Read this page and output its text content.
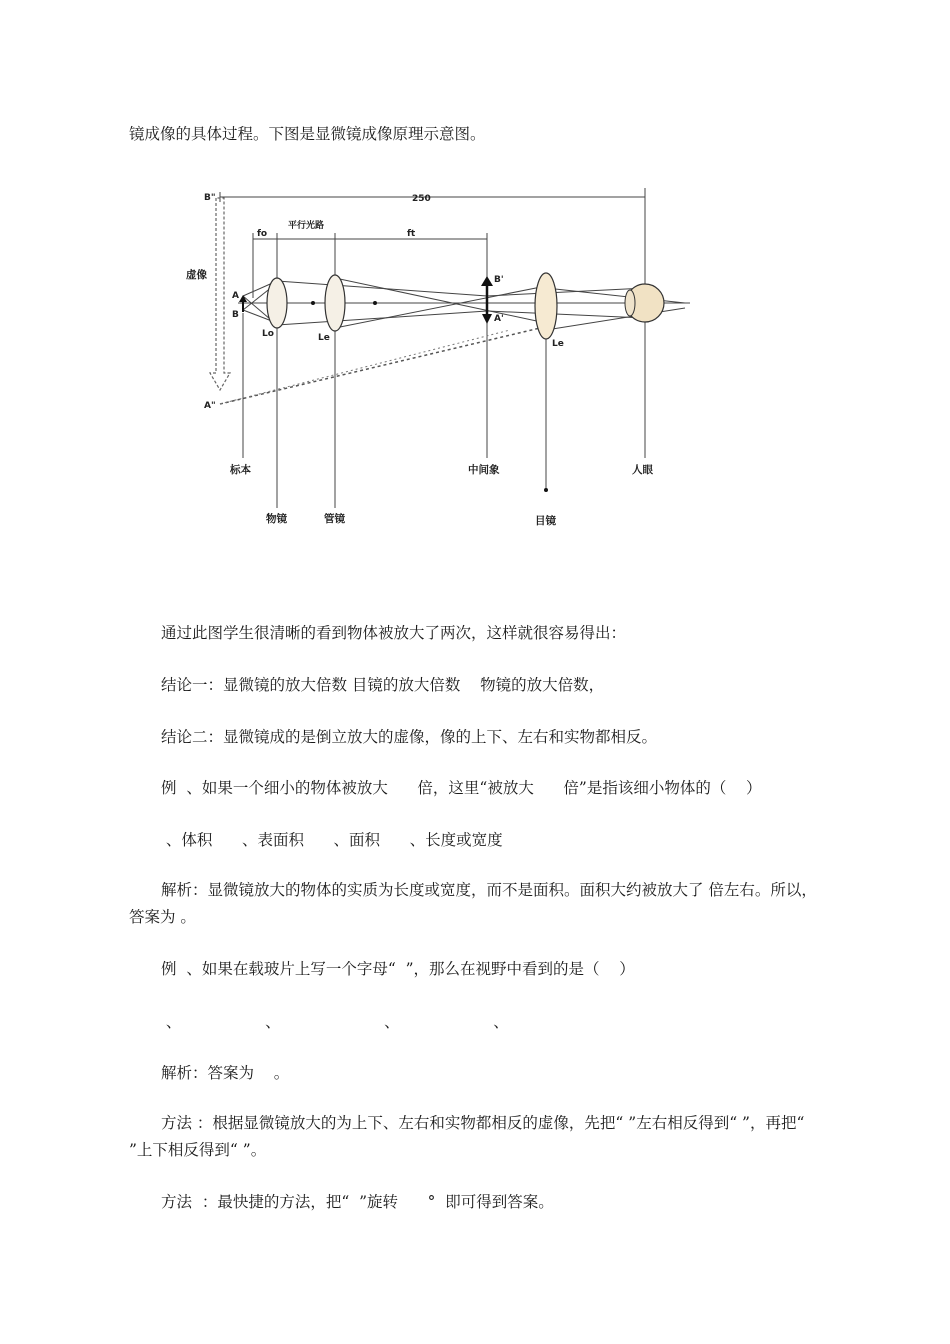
镜成像的具体过程。下图是显微镜成像原理示意图。
250
fo
平行光路
ft
虚像
B"
A"
A
B
Lo	Le
B'
A'
Le
标本
物镜	管镜
中间象
目镜
人眼
通过此图学生很清晰的看到物体被放大了两次，这样就很容易得出：
结论一：显微镜的放大倍数 目镜的放大倍数    物镜的放大倍数，
结论二：显微镜成的是倒立放大的虚像，像的上下、左右和实物都相反。
例  、如果一个细小的物体被放大      倍，这里“被放大      倍”是指该细小物体的（    ）
、体积      、表面积      、面积      、长度或宽度
解析：显微镜放大的物体的实质为长度或宽度，而不是面积。面积大约被放大了 倍左右。所以，答案为 。
例  、如果在载玻片上写一个字母“  ”，那么在视野中看到的是（    ）
、                 、                     、                   、
解析：答案为    。
方法 ：根据显微镜放大的为上下、左右和实物都相反的虚像，先把“ ”左右相反得到“ ”，再把“ ”上下相反得到“ ”。
方法  ：最快捷的方法，把“  ”旋转      °  即可得到答案。
